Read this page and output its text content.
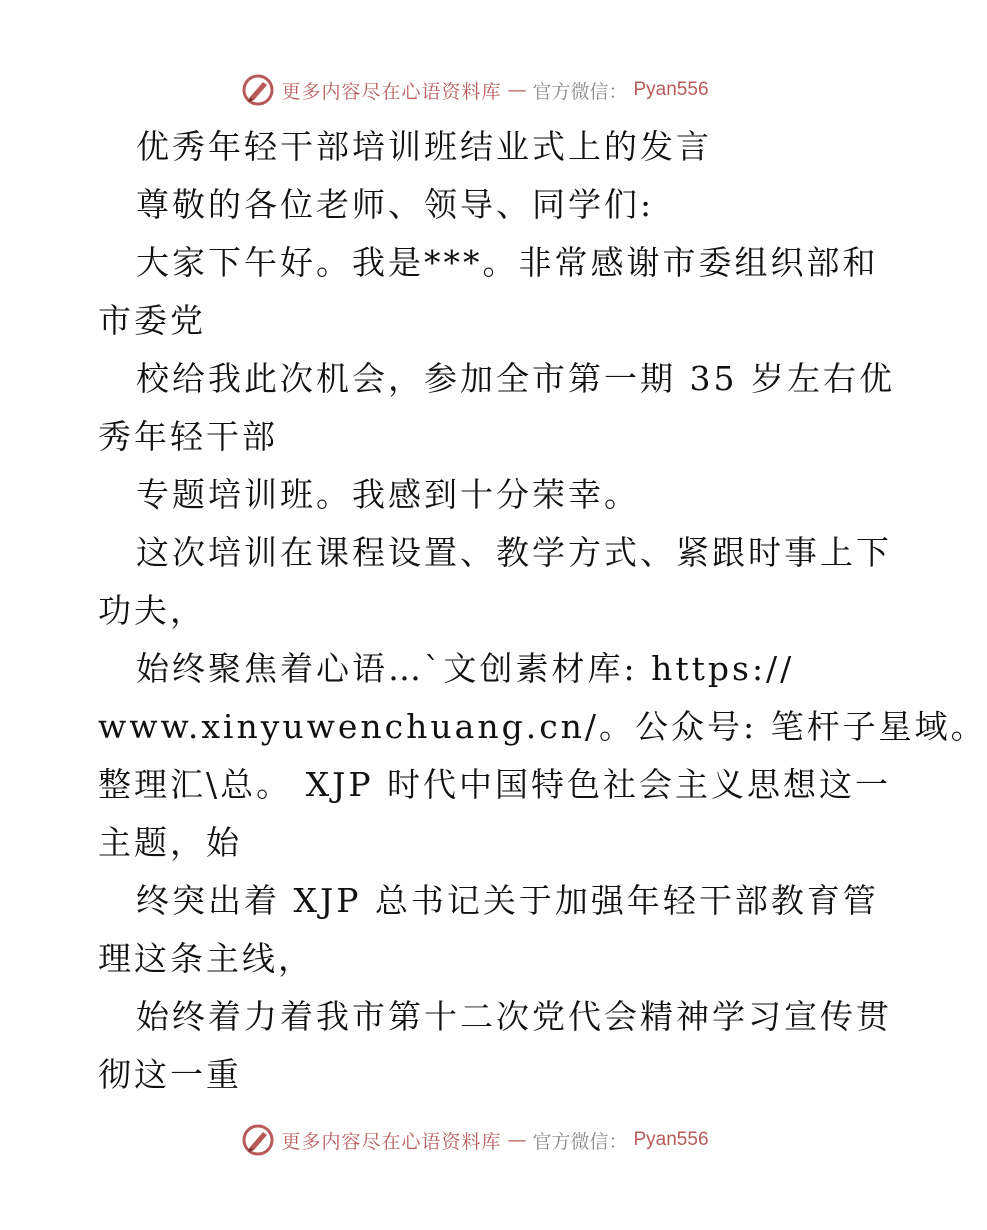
更多内容尽在心语资料库 — 官方微信： Pyan556
优秀年轻干部培训班结业式上的发言
尊敬的各位老师、领导、同学们:
大家下午好。我是***。非常感谢市委组织部和
市委党
校给我此次机会，参加全市第一期 35 岁左右优
秀年轻干部
专题培训班。我感到十分荣幸。
这次培训在课程设置、教学方式、紧跟时事上下
功夫，
始终聚焦着心语…`文创素材库: https://
www.xinyuwenchuang.cn/。公众号: 笔杆子星域。
整理汇\总。 XJP 时代中国特色社会主义思想这一
主题，始
终突出着 XJP 总书记关于加强年轻干部教育管
理这条主线，
始终着力着我市第十二次党代会精神学习宣传贯
彻这一重
更多内容尽在心语资料库 — 官方微信： Pyan556
